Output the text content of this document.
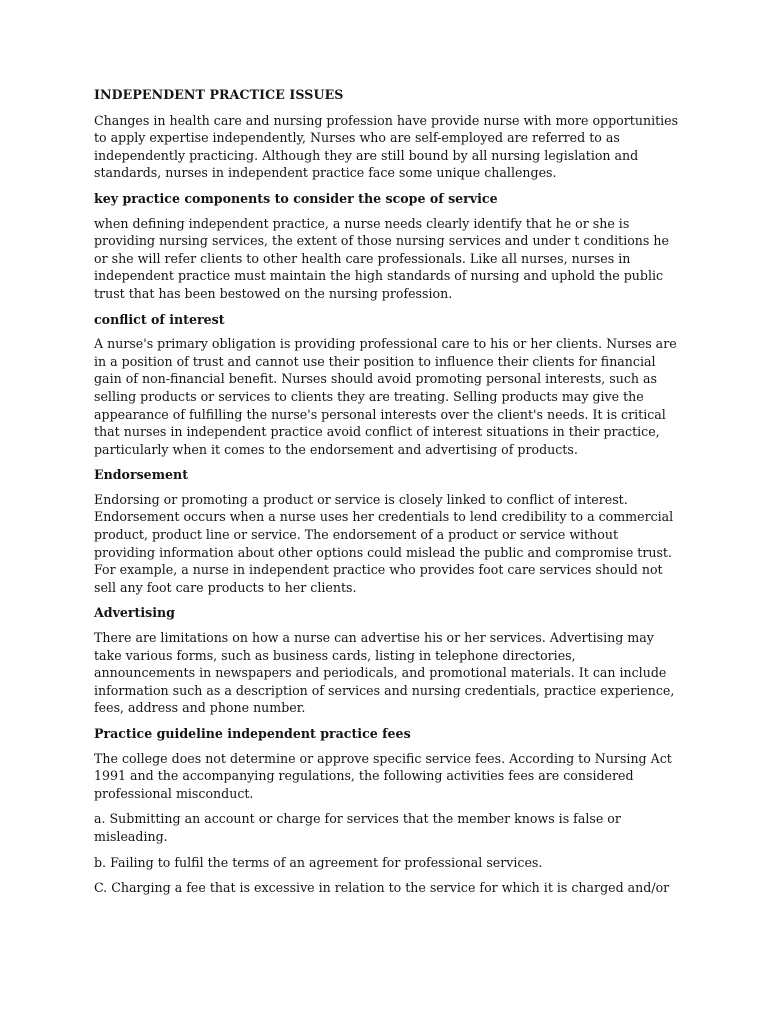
INDEPENDENT PRACTICE ISSUES

Changes in health care and nursing profession have provide nurse with more opportunities to apply expertise independently, Nurses who are self-employed are referred to as independently practicing. Although they are still bound by all nursing legislation and standards, nurses in independent practice face some unique challenges.

key practice components to consider the scope of service

when defining independent practice, a nurse needs clearly identify that he or she is providing nursing services, the extent of those nursing services and under t conditions he or she will refer clients to other health care professionals. Like all nurses, nurses in independent practice must maintain the high standards of nursing and uphold the public trust that has been bestowed on the nursing profession.

conflict of interest

A nurse's primary obligation is providing professional care to his or her clients. Nurses are in a position of trust and cannot use their position to influence their clients for financial gain of non-financial benefit. Nurses should avoid promoting personal interests, such as selling products or services to clients they are treating. Selling products may give the appearance of fulfilling the nurse's personal interests over the client's needs. It is critical that nurses in independent practice avoid conflict of interest situations in their practice, particularly when it comes to the endorsement and advertising of products.

Endorsement

Endorsing or promoting a product or service is closely linked to conflict of interest. Endorsement occurs when a nurse uses her credentials to lend credibility to a commercial product, product line or service. The endorsement of a product or service without providing information about other options could mislead the public and compromise trust. For example, a nurse in independent practice who provides foot care services should not sell any foot care products to her clients.

Advertising

There are limitations on how a nurse can advertise his or her services. Advertising may take various forms, such as business cards, listing in telephone directories, announcements in newspapers and periodicals, and promotional materials. It can include information such as a description of services and nursing credentials, practice experience, fees, address and phone number.

Practice guideline independent practice fees

The college does not determine or approve specific service fees. According to Nursing Act 1991 and the accompanying regulations, the following activities fees are considered professional misconduct.

a. Submitting an account or charge for services that the member knows is false or misleading.

b. Failing to fulfil the terms of an agreement for professional services.

C. Charging a fee that is excessive in relation to the service for which it is charged and/or
